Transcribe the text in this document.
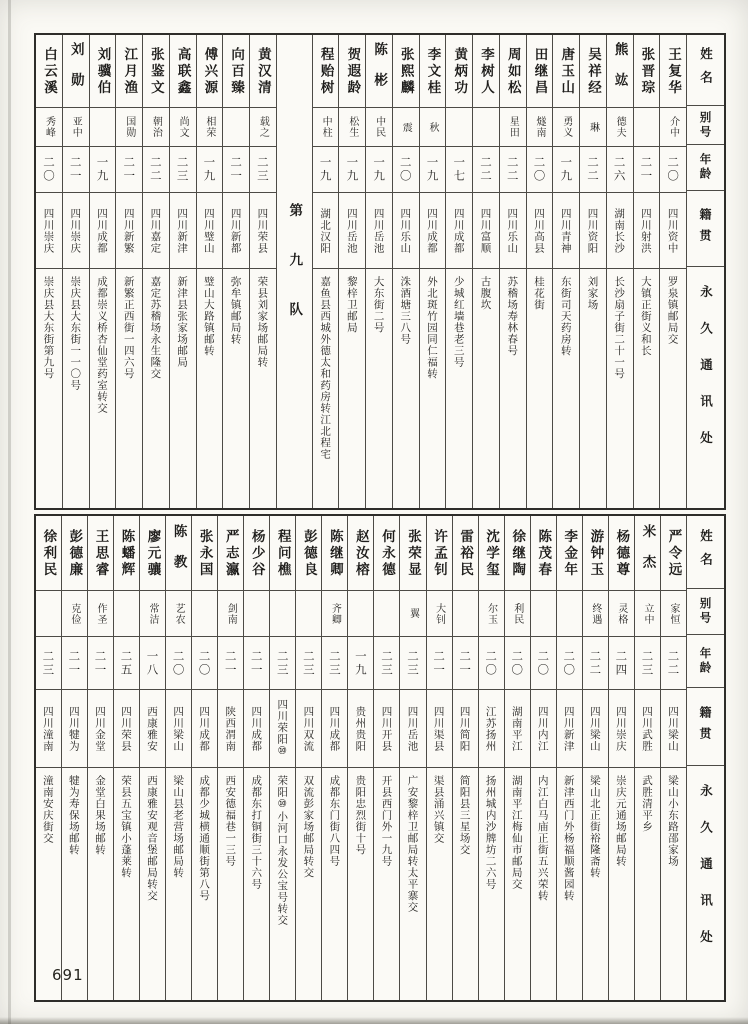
姓名
别号
年龄
籍贯
永久通讯处
王复华
介中
二〇
四川资中
罗泉镇邮局交
张晋琮
二一
四川射洪
大镇正街义和长
熊竑
德夫
二六
湖南长沙
长沙扇子街二十一号
吴祥经
琳
二二
四川资阳
刘家场
唐玉山
勇义
一九
四川青神
东街司天药房转
田继昌
燧南
二〇
四川高县
桂花街
周如松
星田
二二
四川乐山
苏稽场寿林春号
李树人
二二
四川富顺
古腹坎
黄炳功
一七
四川成都
少城红墙巷老三号
李文桂
秋
一九
四川成都
外北斑竹园同仁福转
张熙麟
震
二〇
四川乐山
洙酒塘三八号
陈彬
中民
一九
四川岳池
大东街二号
贺遐龄
松生
一九
四川岳池
黎梓卫邮局
程贻树
中柱
一九
湖北汉阳
嘉鱼县西城外德太和药房转江北程宅
第九队
黄汉清
载之
二三
四川荣县
荣县刘家场邮局转
向百臻
二一
四川新都
弥牟镇邮局转
傅兴源
相荣
一九
四川璧山
璧山大路镇邮转
高联鑫
尚文
二三
四川新津
新津县张家场邮局
张鉴文
朝治
二二
四川嘉定
嘉定苏稽场永生隆交
江月渔
国勋
二一
四川新繁
新繁正西街一四六号
刘骥伯
一九
四川成都
成都崇义桥杏仙堂药室转交
刘勋
亚中
二一
四川崇庆
崇庆县大东街一一〇号
白云溪
秀峰
二〇
四川崇庆
崇庆县大东街第九号
姓名
别号
年龄
籍贯
永久通讯处
严令远
家恒
二二
四川梁山
梁山小东路邵家场
米杰
立中
二三
四川武胜
武胜清平乡
杨德尊
灵格
二四
四川崇庆
崇庆元通场邮局转
游钟玉
终遇
二二
四川梁山
梁山北正街裕隆斋转
李金年
二〇
四川新津
新津西门外杨福顺酱园转
陈茂春
二〇
四川内江
内江白马庙正街五兴荣转
徐继陶
利民
二〇
湖南平江
湖南平江梅仙市邮局交
沈学玺
尔玉
二〇
江苏扬州
扬州城内沙牌坊二六号
雷裕民
二一
四川简阳
简阳县三星场交
许孟钊
大钊
二一
四川渠县
渠县涌兴镇交
张荣显
翼
二三
四川岳池
广安黎梓卫邮局转太平寨交
何永德
二三
四川开县
开县西门外一九号
赵汝榕
一九
贵州贵阳
贵阳忠烈街十号
陈继卿
齐卿
二三
四川成都
成都东门街八四号
彭德良
二三
四川双流
双流彭家场邮局转交
程问樵
二三
四川荣阳⑩
荣阳⑩小河口永发公宝号转交
杨少谷
二一
四川成都
成都东打铜街三十六号
严志瀛
剑南
二一
陕西渭南
西安德福巷一三号
张永国
二〇
四川成都
成都少城横通顺街第八号
陈教
艺农
二〇
四川梁山
梁山县老营场邮局转
廖元骧
常洁
一八
西康雅安
西康雅安观音堡邮局转交
陈蟠辉
二五
四川荣县
荣县五宝镇小蓬莱转
王思睿
作圣
二一
四川金堂
金堂白果场邮转
彭德廉
克俭
二一
四川犍为
犍为寿保场邮转
徐利民
二三
四川潼南
潼南安庆街交
691
